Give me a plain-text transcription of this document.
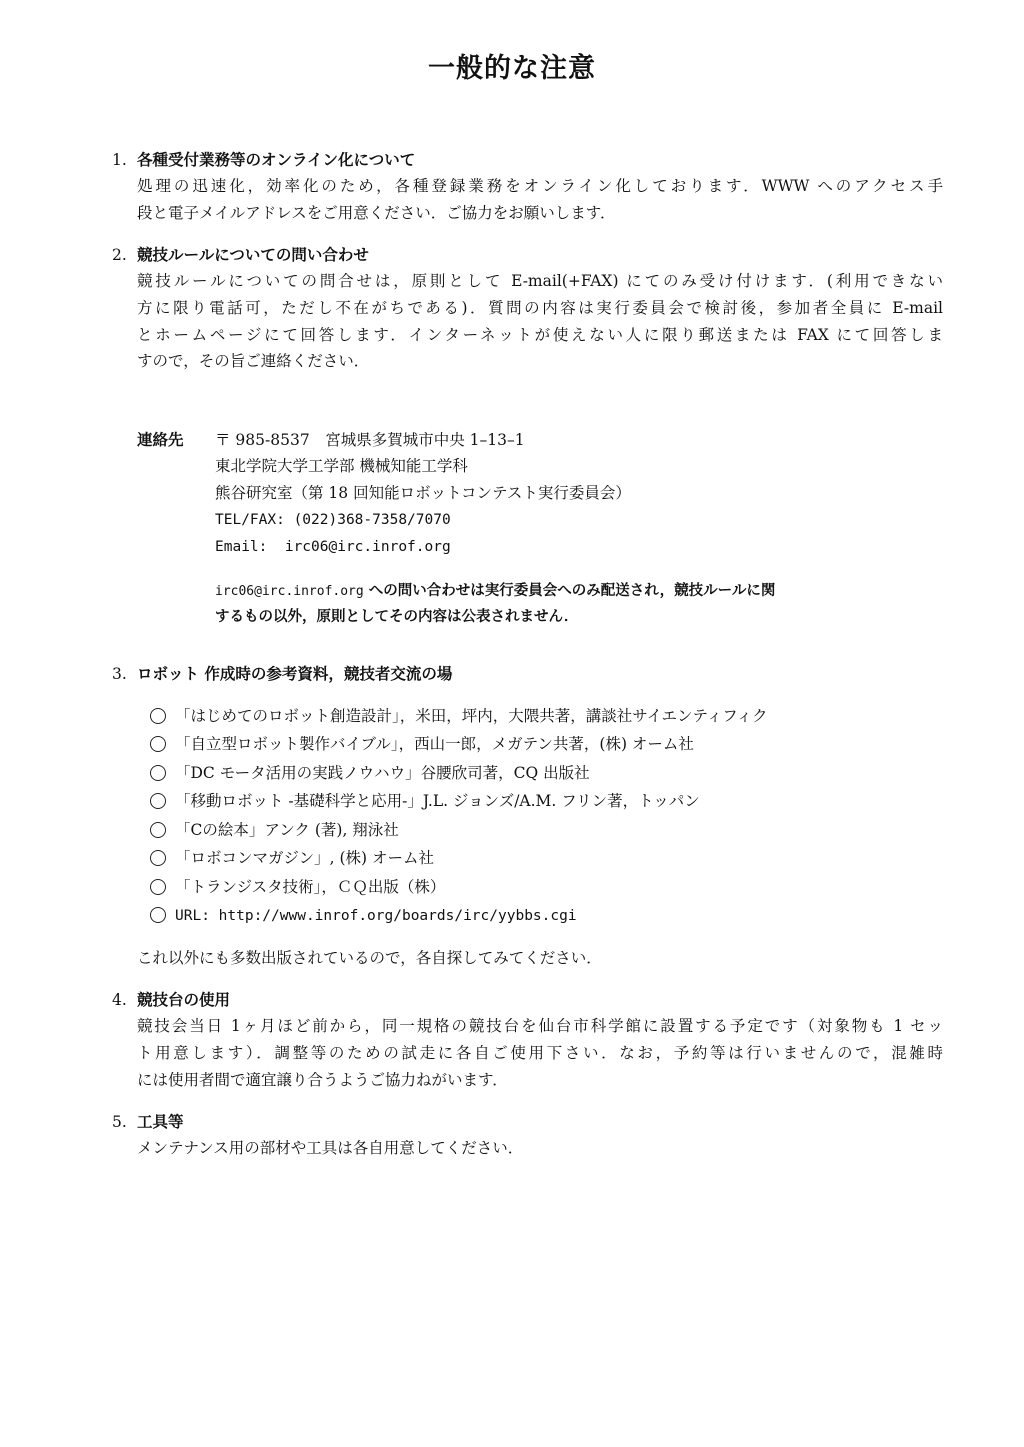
一般的な注意
1. 各種受付業務等のオンライン化について
処理の迅速化，効率化のため，各種登録業務をオンライン化しております．WWW へのアクセス手
段と電子メイルアドレスをご用意ください．ご協力をお願いします．
2. 競技ルールについての問い合わせ
競技ルールについての問合せは，原則として E-mail(+FAX) にてのみ受け付けます．(利用できない
方に限り電話可，ただし不在がちである)．質問の内容は実行委員会で検討後，参加者全員に E-mail
とホームページにて回答します．インターネットが使えない人に限り郵送または FAX にて回答しま
すので，その旨ご連絡ください．
連絡先 〒 985-8537　宮城県多賀城市中央 1–13–1
東北学院大学工学部 機械知能工学科
熊谷研究室（第 18 回知能ロボットコンテスト実行委員会）
TEL/FAX: (022)368-7358/7070
Email:  irc06@irc.inrof.org
irc06@irc.inrof.org への問い合わせは実行委員会へのみ配送され，競技ルールに関
するもの以外，原則としてその内容は公表されません．
3. ロボット 作成時の参考資料，競技者交流の場
「はじめてのロボット創造設計」，米田，坪内，大隈共著，講談社サイエンティフィク
「自立型ロボット製作バイブル」，西山一郎，メガテン共著，(株) オーム社
「DC モータ活用の実践ノウハウ」谷腰欣司著，CQ 出版社
「移動ロボット -基礎科学と応用-」J.L. ジョンズ/A.M. フリン著，トッパン
「Cの絵本」アンク (著), 翔泳社
「ロボコンマガジン」, (株) オーム社
「トランジスタ技術」，ＣＱ出版（株）
URL: http://www.inrof.org/boards/irc/yybbs.cgi
これ以外にも多数出版されているので，各自探してみてください．
4. 競技台の使用
競技会当日 1ヶ月ほど前から，同一規格の競技台を仙台市科学館に設置する予定です（対象物も 1 セッ
ト用意します）．調整等のための試走に各自ご使用下さい．なお，予約等は行いませんので，混雑時
には使用者間で適宜譲り合うようご協力ねがいます．
5. 工具等
メンテナンス用の部材や工具は各自用意してください．
